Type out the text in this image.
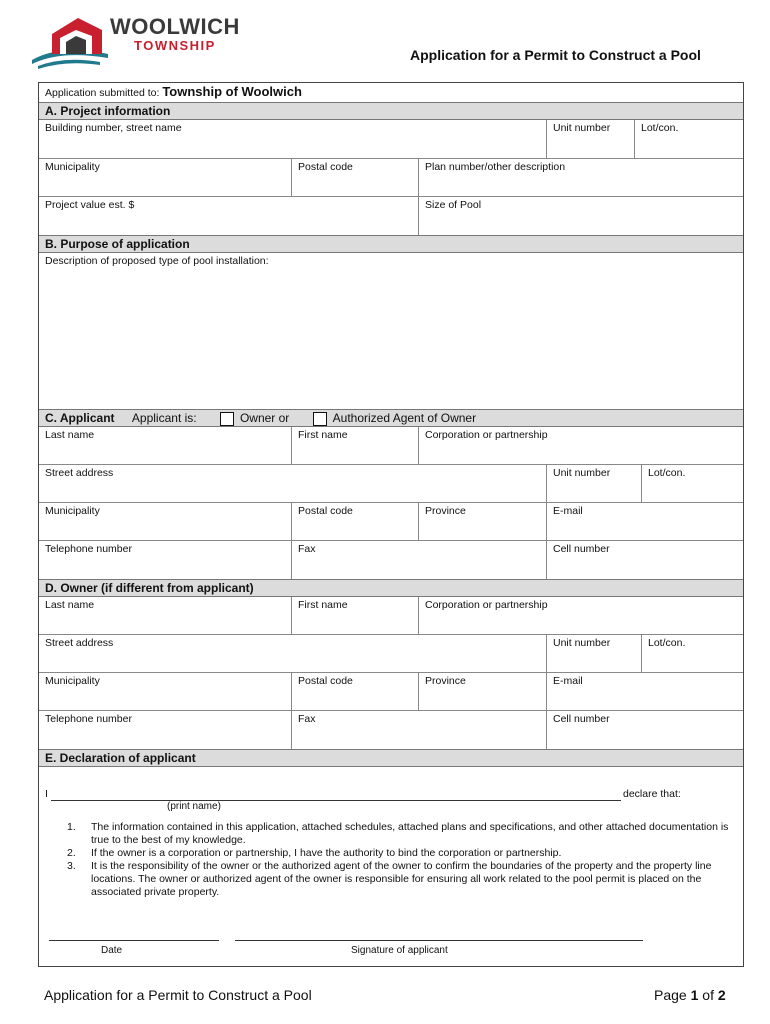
WOOLWICH
TOWNSHIP
Application for a Permit to Construct a Pool
Application submitted to: Township of Woolwich
A. Project information
Building number, street name	Unit number	Lot/con.
Municipality	Postal code	Plan number/other description
Project value est. $	Size of Pool
B. Purpose of application
Description of proposed type of pool installation:
C. Applicant Applicant is:	Owner or	Authorized Agent of Owner
Last name	First name	Corporation or partnership
Street address	Unit number	Lot/con.
Municipality	Postal code	Province	E-mail
Telephone number	Fax	Cell number
D. Owner (if different from applicant)
Last name	First name	Corporation or partnership
Street address	Unit number	Lot/con.
Municipality	Postal code	Province	E-mail
Telephone number	Fax	Cell number
E. Declaration of applicant
I	declare that:
(print name)
1. The information contained in this application, attached schedules, attached plans and specifications, and other attached documentation is true to the best of my knowledge.
2. If the owner is a corporation or partnership, I have the authority to bind the corporation or partnership.
3. It is the responsibility of the owner or the authorized agent of the owner to confirm the boundaries of the property and the property line locations. The owner or authorized agent of the owner is responsible for ensuring all work related to the pool permit is placed on the associated private property.
Date	Signature of applicant
Application for a Permit to Construct a Pool	Page 1 of 2
